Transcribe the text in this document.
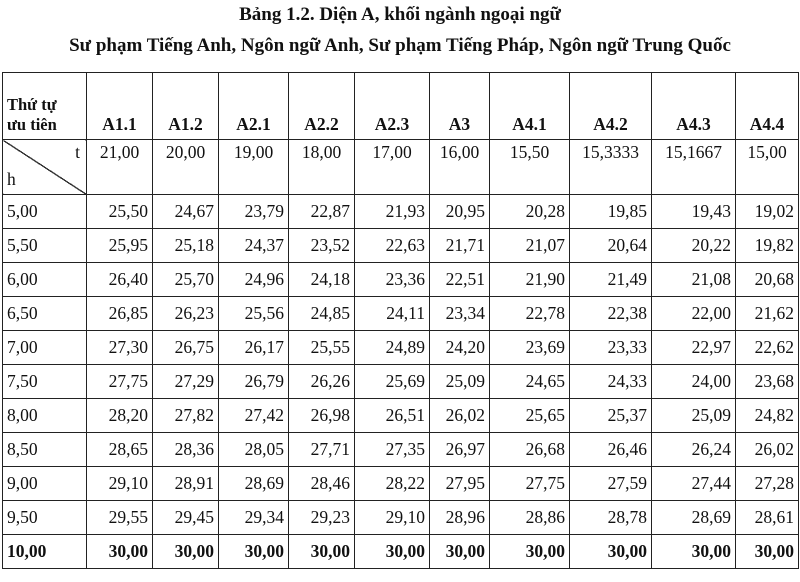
Bảng 1.2. Diện A, khối ngành ngoại ngữ
Sư phạm Tiếng Anh, Ngôn ngữ Anh, Sư phạm Tiếng Pháp, Ngôn ngữ Trung Quốc
Thứ tự
ưu tiên	A1.1	A1.2	A2.1	A2.2	A2.3	A3	A4.1	A4.2	A4.3	A4.4

t
h	21,00	20,00	19,00	18,00	17,00	16,00	15,50	15,3333	15,1667	15,00
5,00	25,50	24,67	23,79	22,87	21,93	20,95	20,28	19,85	19,43	19,02
5,50	25,95	25,18	24,37	23,52	22,63	21,71	21,07	20,64	20,22	19,82
6,00	26,40	25,70	24,96	24,18	23,36	22,51	21,90	21,49	21,08	20,68
6,50	26,85	26,23	25,56	24,85	24,11	23,34	22,78	22,38	22,00	21,62
7,00	27,30	26,75	26,17	25,55	24,89	24,20	23,69	23,33	22,97	22,62
7,50	27,75	27,29	26,79	26,26	25,69	25,09	24,65	24,33	24,00	23,68
8,00	28,20	27,82	27,42	26,98	26,51	26,02	25,65	25,37	25,09	24,82
8,50	28,65	28,36	28,05	27,71	27,35	26,97	26,68	26,46	26,24	26,02
9,00	29,10	28,91	28,69	28,46	28,22	27,95	27,75	27,59	27,44	27,28
9,50	29,55	29,45	29,34	29,23	29,10	28,96	28,86	28,78	28,69	28,61
10,00	30,00	30,00	30,00	30,00	30,00	30,00	30,00	30,00	30,00	30,00
